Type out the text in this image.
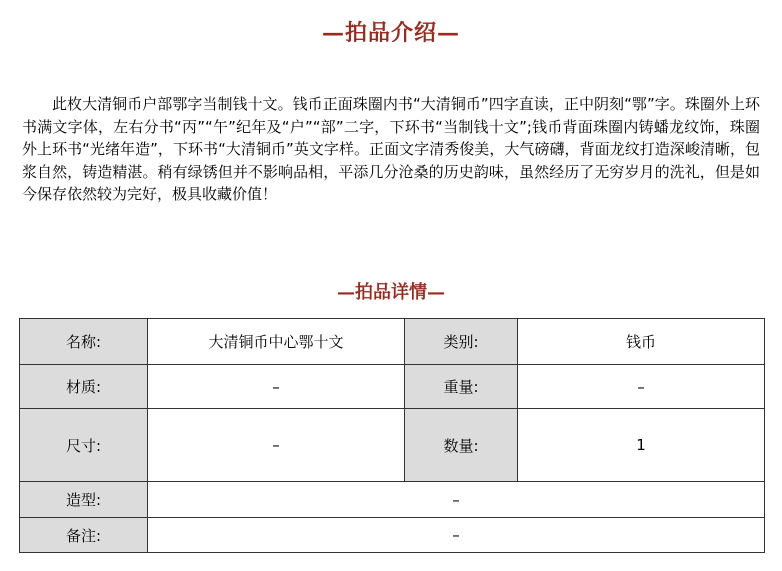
—拍品介绍—

此枚大清铜币户部鄂字当制钱十文。钱币正面珠圈内书“大清铜币”四字直读，正中阴刻“鄂”字。珠圈外上环书满文字体，左右分书“丙”“午”纪年及“户”“部”二字，下环书“当制钱十文”;钱币背面珠圈内铸蟠龙纹饰，珠圈外上环书“光绪年造”，下环书“大清铜币”英文字样。正面文字清秀俊美，大气磅礴，背面龙纹打造深峻清晰，包浆自然，铸造精湛。稍有绿锈但并不影响品相，平添几分沧桑的历史韵味，虽然经历了无穷岁月的洗礼，但是如今保存依然较为完好，极具收藏价值！

—拍品详情—
名称:	大清铜币中心鄂十文	类别:	钱币
材质:	–	重量:	–
尺寸:	–	数量:	1
造型:	–		
备注:	–		
